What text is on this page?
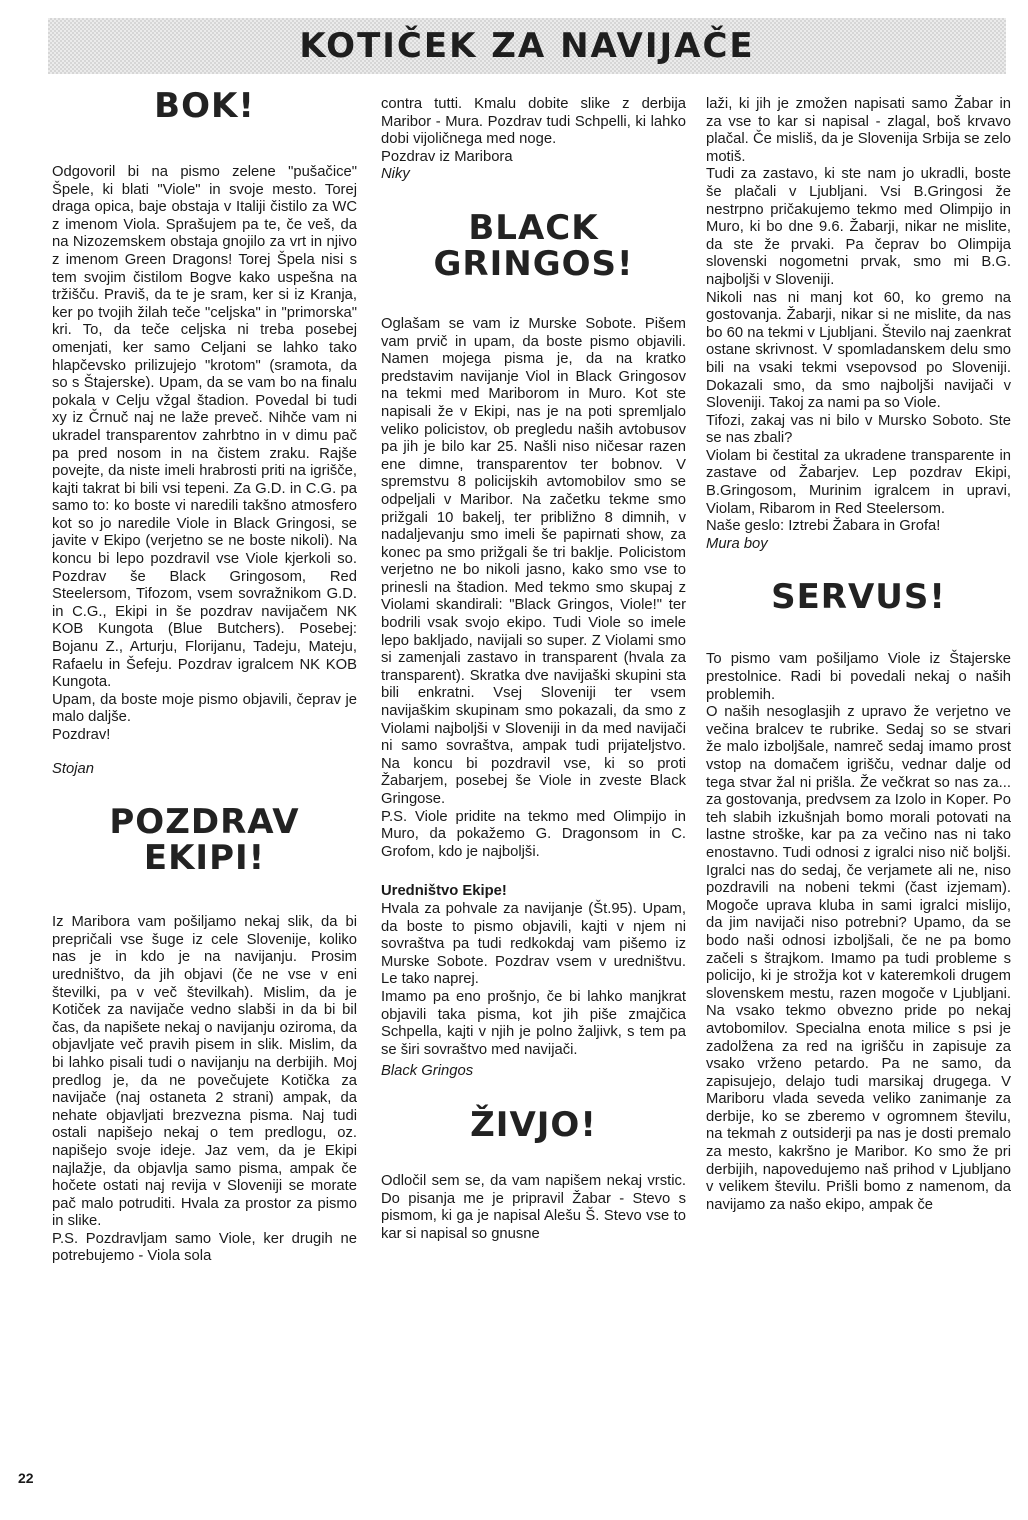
KOTIČEK ZA NAVIJAČE
BOK!

Odgovoril bi na pismo zelene "pušačice" Špele, ki blati "Viole" in svoje mesto. Torej draga opica, baje obstaja v Italiji čistilo za WC z imenom Viola. Sprašujem pa te, če veš, da na Nizozemskem obstaja gnojilo za vrt in njivo z imenom Green Dragons! Torej Špela nisi s tem svojim čistilom Bogve kako uspešna na tržišču. Praviš, da te je sram, ker si iz Kranja, ker po tvojih žilah teče "celjska" in "primorska" kri. To, da teče celjska ni treba posebej omenjati, ker samo Celjani se lahko tako hlapčevsko prilizujejo "krotom" (sramota, da so s Štajerske). Upam, da se vam bo na finalu pokala v Celju vžgal štadion. Povedal bi tudi xy iz Črnuč naj ne laže preveč. Nihče vam ni ukradel transparentov zahrbtno in v dimu pač pa pred nosom in na čistem zraku. Rajše povejte, da niste imeli hrabrosti priti na igrišče, kajti takrat bi bili vsi tepeni. Za G.D. in C.G. pa samo to: ko boste vi naredili takšno atmosfero kot so jo naredile Viole in Black Gringosi, se javite v Ekipo (verjetno se ne boste nikoli). Na koncu bi lepo pozdravil vse Viole kjerkoli so. Pozdrav še Black Gringosom, Red Steelersom, Tifozom, vsem sovražnikom G.D. in C.G., Ekipi in še pozdrav navijačem NK KOB Kungota (Blue Butchers). Posebej: Bojanu Z., Arturju, Florijanu, Tadeju, Mateju, Rafaelu in Šefeju. Pozdrav igralcem NK KOB Kungota.

Upam, da boste moje pismo objavili, čeprav je malo daljše.

Pozdrav!

Stojan

POZDRAV
EKIPI!

Iz Maribora vam pošiljamo nekaj slik, da bi prepričali vse šuge iz cele Slovenije, koliko nas je in kdo je na navijanju. Prosim uredništvo, da jih objavi (če ne vse v eni številki, pa v več številkah). Mislim, da je Kotiček za navijače vedno slabši in da bi bil čas, da napišete nekaj o navijanju oziroma, da objavljate več pravih pisem in slik. Mislim, da bi lahko pisali tudi o navijanju na derbijih. Moj predlog je, da ne povečujete Kotička za navijače (naj ostaneta 2 strani) ampak, da nehate objavljati brezvezna pisma. Naj tudi ostali napišejo nekaj o tem predlogu, oz. napišejo svoje ideje. Jaz vem, da je Ekipi najlažje, da objavlja samo pisma, ampak če hočete ostati naj revija v Sloveniji se morate pač malo potruditi. Hvala za prostor za pismo in slike.

P.S. Pozdravljam samo Viole, ker drugih ne potrebujemo - Viola sola

contra tutti. Kmalu dobite slike z derbija Maribor - Mura. Pozdrav tudi Schpelli, ki lahko dobi vijoličnega med noge.

Pozdrav iz Maribora

Niky

BLACK
GRINGOS!

Oglašam se vam iz Murske Sobote. Pišem vam prvič in upam, da boste pismo objavili. Namen mojega pisma je, da na kratko predstavim navijanje Viol in Black Gringosov na tekmi med Mariborom in Muro. Kot ste napisali že v Ekipi, nas je na poti spremljalo veliko policistov, ob pregledu naših avtobusov pa jih je bilo kar 25. Našli niso ničesar razen ene dimne, transparentov ter bobnov. V spremstvu 8 policijskih avtomobilov smo se odpeljali v Maribor. Na začetku tekme smo prižgali 10 bakelj, ter približno 8 dimnih, v nadaljevanju smo imeli še papirnati show, za konec pa smo prižgali še tri baklje. Policistom verjetno ne bo nikoli jasno, kako smo vse to prinesli na štadion. Med tekmo smo skupaj z Violami skandirali: "Black Gringos, Viole!" ter bodrili vsak svojo ekipo. Tudi Viole so imele lepo bakljado, navijali so super. Z Violami smo si zamenjali zastavo in transparent (hvala za transparent). Skratka dve navijaški skupini sta bili enkratni. Vsej Sloveniji ter vsem navijaškim skupinam smo pokazali, da smo z Violami najboljši v Sloveniji in da med navijači ni samo sovraštva, ampak tudi prijateljstvo. Na koncu bi pozdravil vse, ki so proti Žabarjem, posebej še Viole in zveste Black Gringose.

P.S. Viole pridite na tekmo med Olimpijo in Muro, da pokažemo G. Dragonsom in C. Grofom, kdo je najboljši.

Uredništvo Ekipe!

Hvala za pohvale za navijanje (Št.95). Upam, da boste to pismo objavili, kajti v njem ni sovraštva pa tudi redkokdaj vam pišemo iz Murske Sobote. Pozdrav vsem v uredništvu. Le tako naprej.

Imamo pa eno prošnjo, če bi lahko manjkrat objavili taka pisma, kot jih piše zmajčica Schpella, kajti v njih je polno žaljivk, s tem pa se širi sovraštvo med navijači.

Black Gringos

ŽIVJO!

Odločil sem se, da vam napišem nekaj vrstic. Do pisanja me je pripravil Žabar - Stevo s pismom, ki ga je napisal Alešu Š. Stevo vse to kar si napisal so gnusne

laži, ki jih je zmožen napisati samo Žabar in za vse to kar si napisal - zlagal, boš krvavo plačal. Če misliš, da je Slovenija Srbija se zelo motiš.

Tudi za zastavo, ki ste nam jo ukradli, boste še plačali v Ljubljani. Vsi B.Gringosi že nestrpno pričakujemo tekmo med Olimpijo in Muro, ki bo dne 9.6. Žabarji, nikar ne mislite, da ste že prvaki. Pa čeprav bo Olimpija slovenski nogometni prvak, smo mi B.G. najboljši v Sloveniji.

Nikoli nas ni manj kot 60, ko gremo na gostovanja. Žabarji, nikar si ne mislite, da nas bo 60 na tekmi v Ljubljani. Število naj zaenkrat ostane skrivnost. V spomladanskem delu smo bili na vsaki tekmi vsepovsod po Sloveniji. Dokazali smo, da smo najboljši navijači v Sloveniji. Takoj za nami pa so Viole.

Tifozi, zakaj vas ni bilo v Mursko Soboto. Ste se nas zbali?

Violam bi čestital za ukradene transparente in zastave od Žabarjev. Lep pozdrav Ekipi, B.Gringosom, Murinim igralcem in upravi, Violam, Ribarom in Red Steelersom.

Naše geslo: Iztrebi Žabara in Grofa!

Mura boy

SERVUS!

To pismo vam pošiljamo Viole iz Štajerske prestolnice. Radi bi povedali nekaj o naših problemih.

O naših nesoglasjih z upravo že verjetno ve večina bralcev te rubrike. Sedaj so se stvari že malo izboljšale, namreč sedaj imamo prost vstop na domačem igrišču, vednar dalje od tega stvar žal ni prišla. Že večkrat so nas za... za gostovanja, predvsem za Izolo in Koper. Po teh slabih izkušnjah bomo morali potovati na lastne stroške, kar pa za večino nas ni tako enostavno. Tudi odnosi z igralci niso nič boljši. Igralci nas do sedaj, če verjamete ali ne, niso pozdravili na nobeni tekmi (čast izjemam). Mogoče uprava kluba in sami igralci mislijo, da jim navijači niso potrebni? Upamo, da se bodo naši odnosi izboljšali, če ne pa bomo začeli s štrajkom. Imamo pa tudi probleme s policijo, ki je strožja kot v kateremkoli drugem slovenskem mestu, razen mogoče v Ljubljani. Na vsako tekmo obvezno pride po nekaj avtobomilov. Specialna enota milice s psi je zadolžena za red na igrišču in zapisuje za vsako vrženo petardo. Pa ne samo, da zapisujejo, delajo tudi marsikaj drugega. V Mariboru vlada seveda veliko zanimanje za derbije, ko se zberemo v ogromnem številu, na tekmah z outsiderji pa nas je dosti premalo za mesto, kakršno je Maribor. Ko smo že pri derbijih, napovedujemo naš prihod v Ljubljano v velikem številu. Prišli bomo z namenom, da navijamo za našo ekipo, ampak če

22
